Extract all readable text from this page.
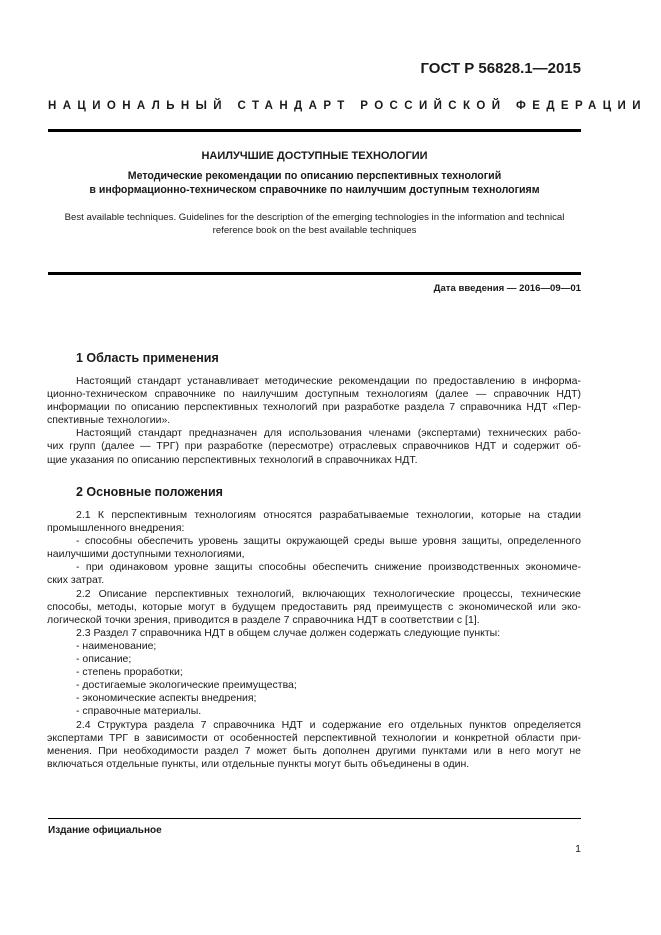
ГОСТ Р 56828.1—2015
НАЦИОНАЛЬНЫЙ СТАНДАРТ РОССИЙСКОЙ ФЕДЕРАЦИИ
НАИЛУЧШИЕ ДОСТУПНЫЕ ТЕХНОЛОГИИ
Методические рекомендации по описанию перспективных технологий
в информационно-техническом справочнике по наилучшим доступным технологиям
Best available techniques. Guidelines for the description of the emerging technologies in the information and technical
reference book on the best available techniques
Дата введения — 2016—09—01
1 Область применения
Настоящий стандарт устанавливает методические рекомендации по предоставлению в информа-
ционно-техническом справочнике по наилучшим доступным технологиям (далее — справочник НДТ)
информации по описанию перспективных технологий при разработке раздела 7 справочника НДТ «Пер-
спективные технологии».
Настоящий стандарт предназначен для использования членами (экспертами) технических рабо-
чих групп (далее — ТРГ) при разработке (пересмотре) отраслевых справочников НДТ и содержит об-
щие указания по описанию перспективных технологий в справочниках НДТ.
2 Основные положения
2.1 К перспективным технологиям относятся разрабатываемые технологии, которые на стадии
промышленного внедрения:
- способны обеспечить уровень защиты окружающей среды выше уровня защиты, определенного
наилучшими доступными технологиями,
- при одинаковом уровне защиты способны обеспечить снижение производственных экономиче-
ских затрат.
2.2 Описание перспективных технологий, включающих технологические процессы, технические
способы, методы, которые могут в будущем предоставить ряд преимуществ с экономической или эко-
логической точки зрения, приводится в разделе 7 справочника НДТ в соответствии с [1].
2.3 Раздел 7 справочника НДТ в общем случае должен содержать следующие пункты:
- наименование;
- описание;
- степень проработки;
- достигаемые экологические преимущества;
- экономические аспекты внедрения;
- справочные материалы.
2.4 Структура раздела 7 справочника НДТ и содержание его отдельных пунктов определяется
экспертами ТРГ в зависимости от особенностей перспективной технологии и конкретной области при-
менения. При необходимости раздел 7 может быть дополнен другими пунктами или в него могут не
включаться отдельные пункты, или отдельные пункты могут быть объединены в один.
Издание официальное
1
